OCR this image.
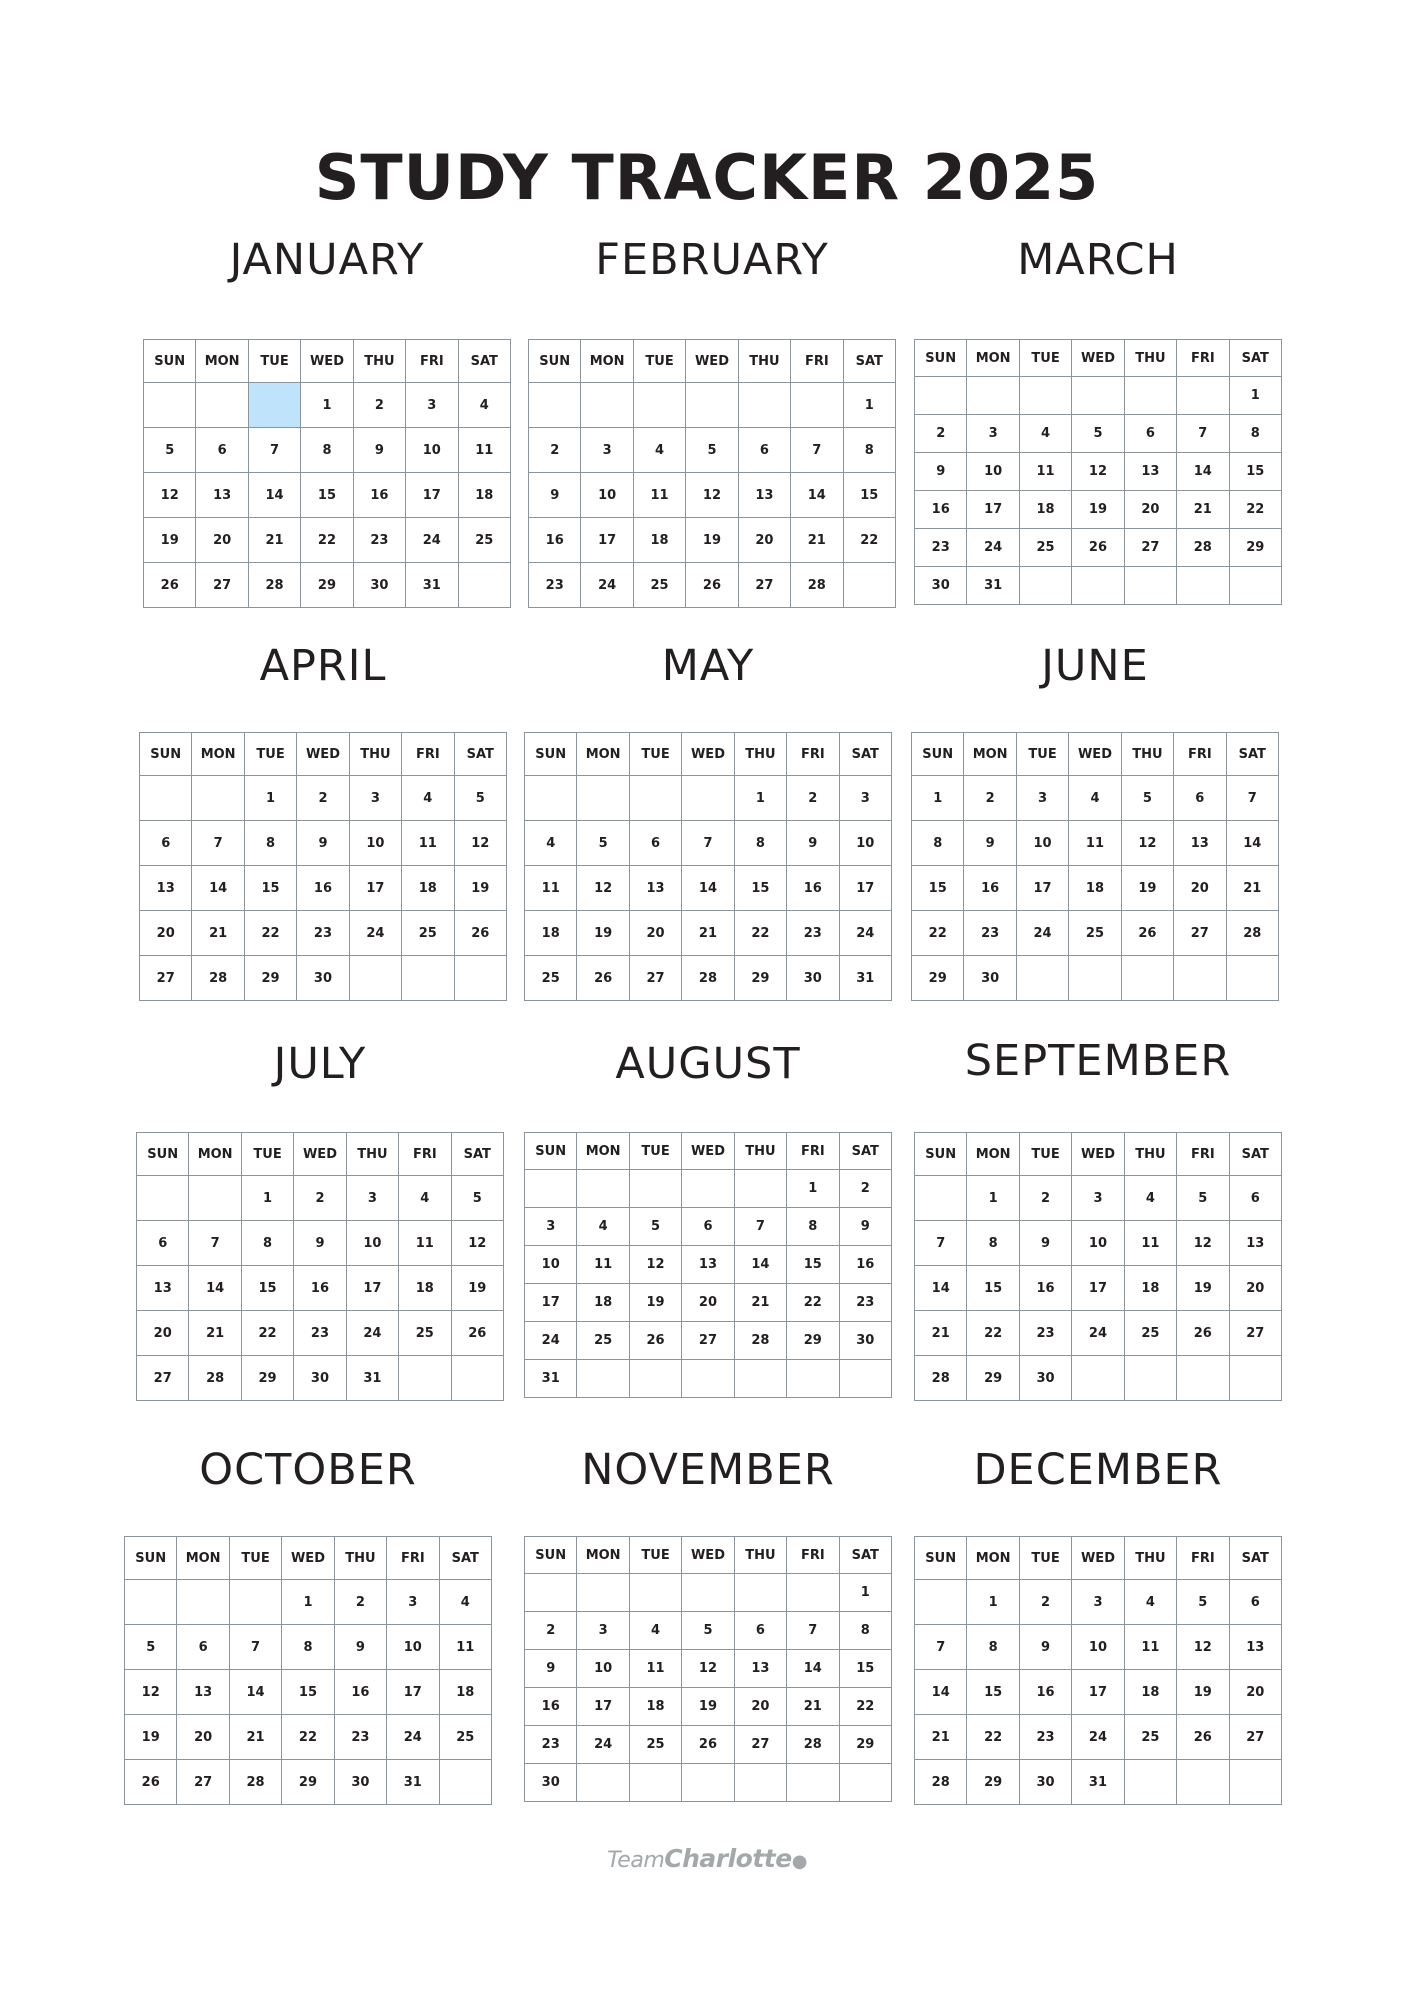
STUDY TRACKER 2025
JANUARY
SUN	MON	TUE	WED	THU	FRI	SAT
			1	2	3	4
5	6	7	8	9	10	11
12	13	14	15	16	17	18
19	20	21	22	23	24	25
26	27	28	29	30	31	
FEBRUARY
SUN	MON	TUE	WED	THU	FRI	SAT
						1
2	3	4	5	6	7	8
9	10	11	12	13	14	15
16	17	18	19	20	21	22
23	24	25	26	27	28	
MARCH
SUN	MON	TUE	WED	THU	FRI	SAT
						1
2	3	4	5	6	7	8
9	10	11	12	13	14	15
16	17	18	19	20	21	22
23	24	25	26	27	28	29
30	31					
APRIL
SUN	MON	TUE	WED	THU	FRI	SAT
		1	2	3	4	5
6	7	8	9	10	11	12
13	14	15	16	17	18	19
20	21	22	23	24	25	26
27	28	29	30			
MAY
SUN	MON	TUE	WED	THU	FRI	SAT
				1	2	3
4	5	6	7	8	9	10
11	12	13	14	15	16	17
18	19	20	21	22	23	24
25	26	27	28	29	30	31
JUNE
SUN	MON	TUE	WED	THU	FRI	SAT
1	2	3	4	5	6	7
8	9	10	11	12	13	14
15	16	17	18	19	20	21
22	23	24	25	26	27	28
29	30					
JULY
SUN	MON	TUE	WED	THU	FRI	SAT
		1	2	3	4	5
6	7	8	9	10	11	12
13	14	15	16	17	18	19
20	21	22	23	24	25	26
27	28	29	30	31		
AUGUST
SUN	MON	TUE	WED	THU	FRI	SAT
					1	2
3	4	5	6	7	8	9
10	11	12	13	14	15	16
17	18	19	20	21	22	23
24	25	26	27	28	29	30
31						
SEPTEMBER
SUN	MON	TUE	WED	THU	FRI	SAT
	1	2	3	4	5	6
7	8	9	10	11	12	13
14	15	16	17	18	19	20
21	22	23	24	25	26	27
28	29	30				
OCTOBER
SUN	MON	TUE	WED	THU	FRI	SAT
			1	2	3	4
5	6	7	8	9	10	11
12	13	14	15	16	17	18
19	20	21	22	23	24	25
26	27	28	29	30	31	
NOVEMBER
SUN	MON	TUE	WED	THU	FRI	SAT
						1
2	3	4	5	6	7	8
9	10	11	12	13	14	15
16	17	18	19	20	21	22
23	24	25	26	27	28	29
30						
DECEMBER
SUN	MON	TUE	WED	THU	FRI	SAT
	1	2	3	4	5	6
7	8	9	10	11	12	13
14	15	16	17	18	19	20
21	22	23	24	25	26	27
28	29	30	31			
TeamCharlotte●
